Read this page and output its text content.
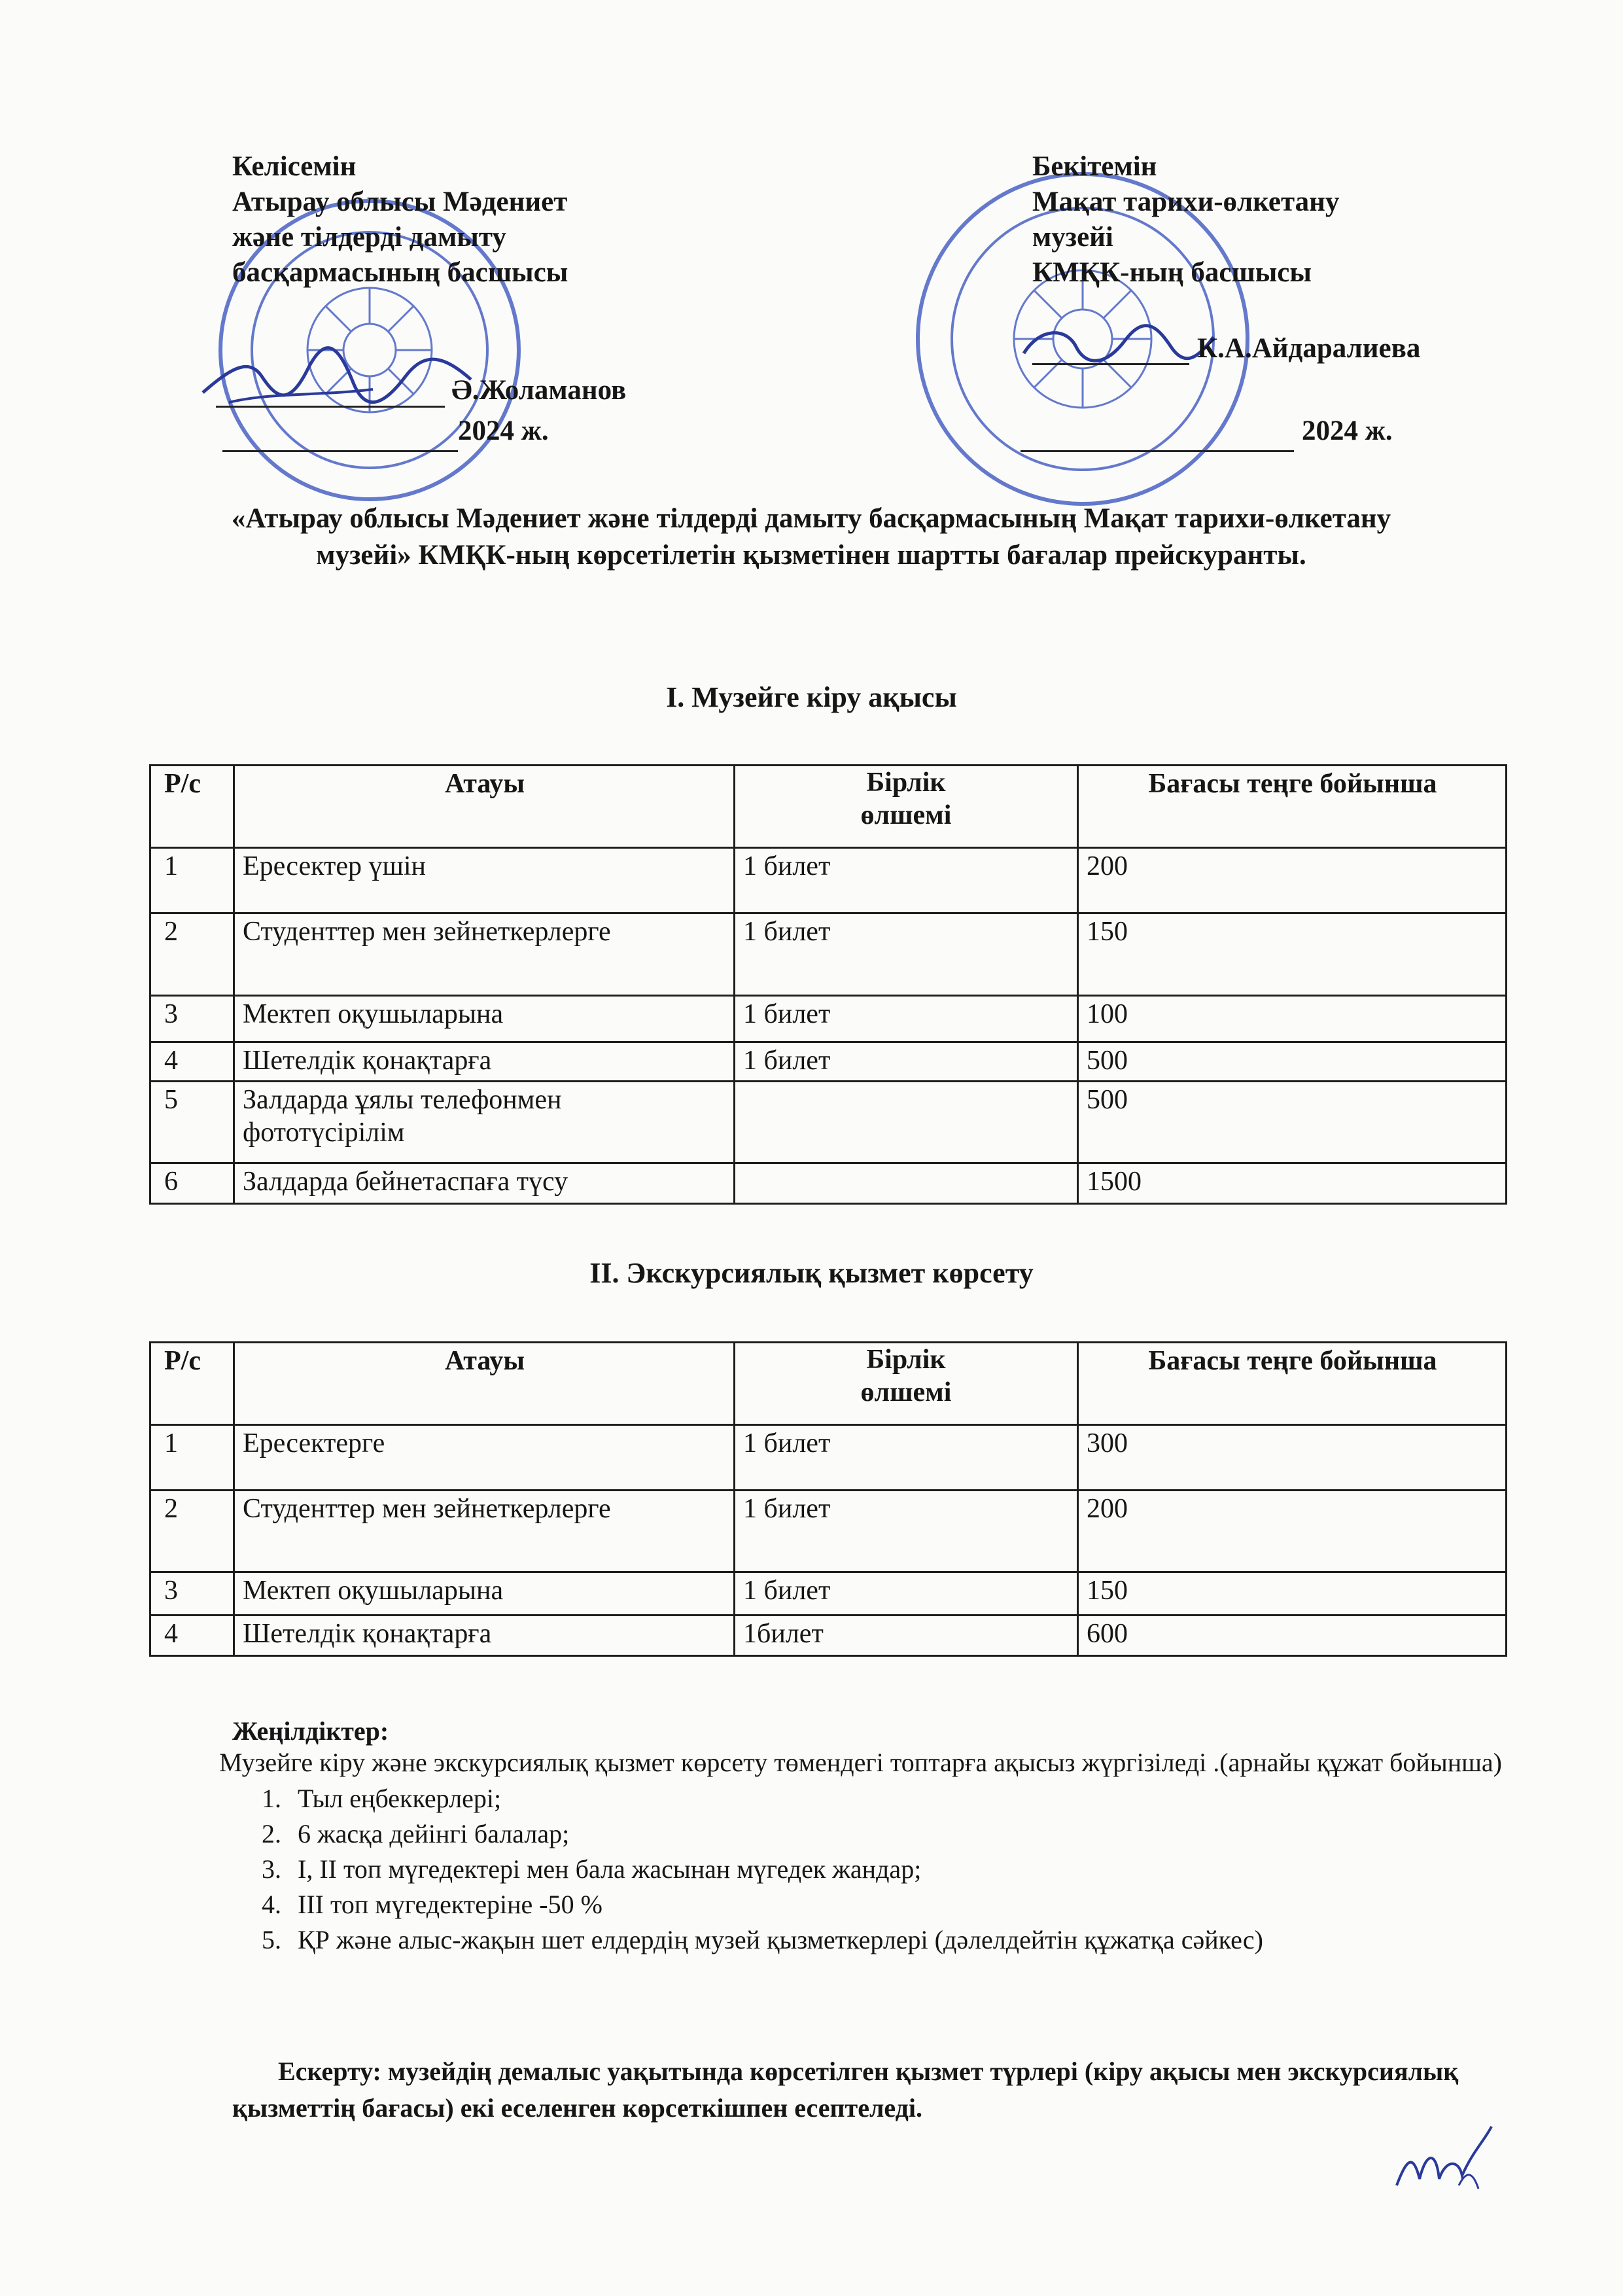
Келісемін
Атырау облысы Мәдениет
және тілдерді дамыту
басқармасының басшысы
Ә.Жоламанов
2024 ж.
Бекітемін
Мақат тарихи-өлкетану
музейі
КМҚК-ның басшысы
К.А.Айдаралиева
2024 ж.
«Атырау облысы Мәдениет және тілдерді дамыту басқармасының Мақат тарихи-өлкетану музейі» КМҚК-ның көрсетілетін қызметінен шартты бағалар прейскуранты.
I. Музейге кіру ақысы
Р/с	Атауы	Бірлік өлшемі	Бағасы теңге бойынша
1	Ересектер үшін	1 билет	200
2	Студенттер мен зейнеткерлерге	1 билет	150
3	Мектеп оқушыларына	1 билет	100
4	Шетелдік қонақтарға	1 билет	500
5	Залдарда ұялы телефонмен фототүсірілім		500
6	Залдарда бейнетаспаға түсу		1500
II. Экскурсиялық қызмет көрсету
Р/с	Атауы	Бірлік өлшемі	Бағасы теңге бойынша
1	Ересектерге	1 билет	300
2	Студенттер мен зейнеткерлерге	1 билет	200
3	Мектеп оқушыларына	1 билет	150
4	Шетелдік қонақтарға	1билет	600
Жеңілдіктер:
Музейге кіру және экскурсиялық қызмет көрсету төмендегі топтарға ақысыз жүргізіледі .(арнайы құжат бойынша)
1. Тыл еңбеккерлері;
2. 6 жасқа дейінгі балалар;
3. I, II топ мүгедектері мен бала жасынан мүгедек жандар;
4. III топ мүгедектеріне -50 %
5. ҚР және алыс-жақын шет елдердің музей қызметкерлері (дәлелдейтін құжатқа сәйкес)
Ескерту: музейдің демалыс уақытында көрсетілген қызмет түрлері (кіру ақысы мен экскурсиялық қызметтің бағасы) екі еселенген көрсеткішпен есептеледі.
